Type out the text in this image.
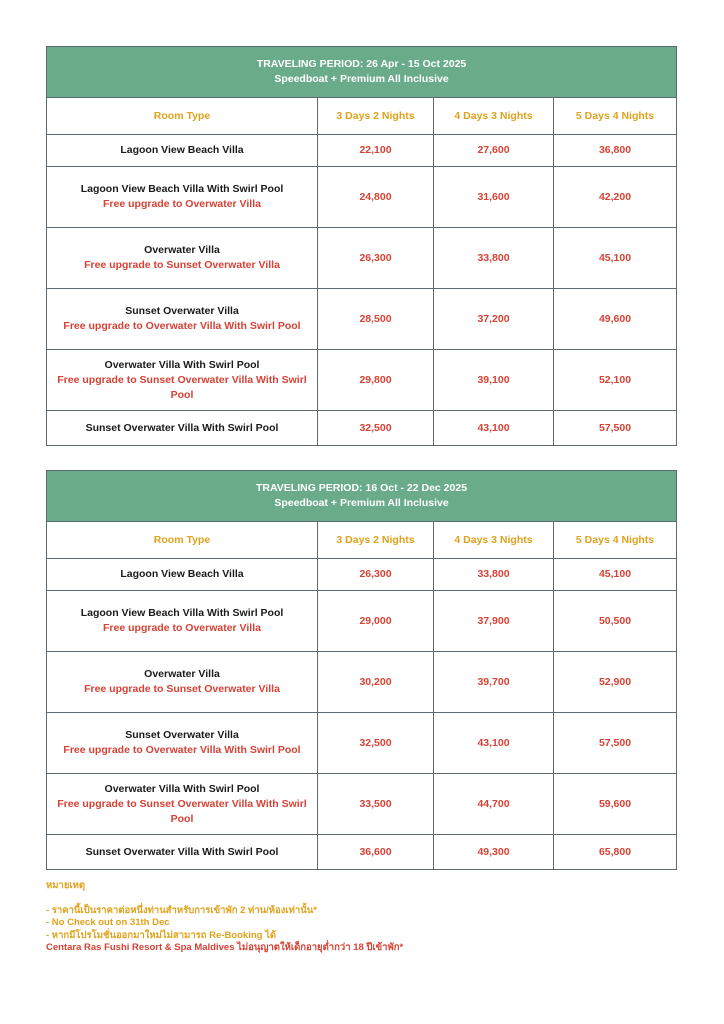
TRAVELING PERIOD: 26 Apr - 15 Oct 2025
Speedboat + Premium All Inclusive			

Room Type	3 Days 2 Nights	4 Days 3 Nights	5 Days 4 Nights

Lagoon View Beach Villa	22,100	27,600	36,800

Lagoon View Beach Villa With Swirl Pool
Free upgrade to Overwater Villa	24,800	31,600	42,200

Overwater Villa
Free upgrade to Sunset Overwater Villa	26,300	33,800	45,100

Sunset Overwater Villa
Free upgrade to Overwater Villa With Swirl Pool	28,500	37,200	49,600

Overwater Villa With Swirl Pool
Free upgrade to Sunset Overwater Villa With Swirl Pool	29,800	39,100	52,100

Sunset Overwater Villa With Swirl Pool	32,500	43,100	57,500
TRAVELING PERIOD: 16 Oct - 22 Dec 2025
Speedboat + Premium All Inclusive			

Room Type	3 Days 2 Nights	4 Days 3 Nights	5 Days 4 Nights

Lagoon View Beach Villa	26,300	33,800	45,100

Lagoon View Beach Villa With Swirl Pool
Free upgrade to Overwater Villa	29,000	37,900	50,500

Overwater Villa
Free upgrade to Sunset Overwater Villa	30,200	39,700	52,900

Sunset Overwater Villa
Free upgrade to Overwater Villa With Swirl Pool	32,500	43,100	57,500

Overwater Villa With Swirl Pool
Free upgrade to Sunset Overwater Villa With Swirl Pool	33,500	44,700	59,600

Sunset Overwater Villa With Swirl Pool	36,600	49,300	65,800
หมายเหตุ
- ราคานี้เป็นราคาต่อหนึ่งท่านสำหรับการเข้าพัก 2 ท่าน/ห้องเท่านั้น*
- No Check out on 31th Dec
- หากมีโปรโมชั่นออกมาใหม่ไม่สามารถ Re-Booking ได้
Centara Ras Fushi Resort & Spa Maldives ไม่อนุญาตให้เด็กอายุต่ำกว่า 18 ปีเข้าพัก*
